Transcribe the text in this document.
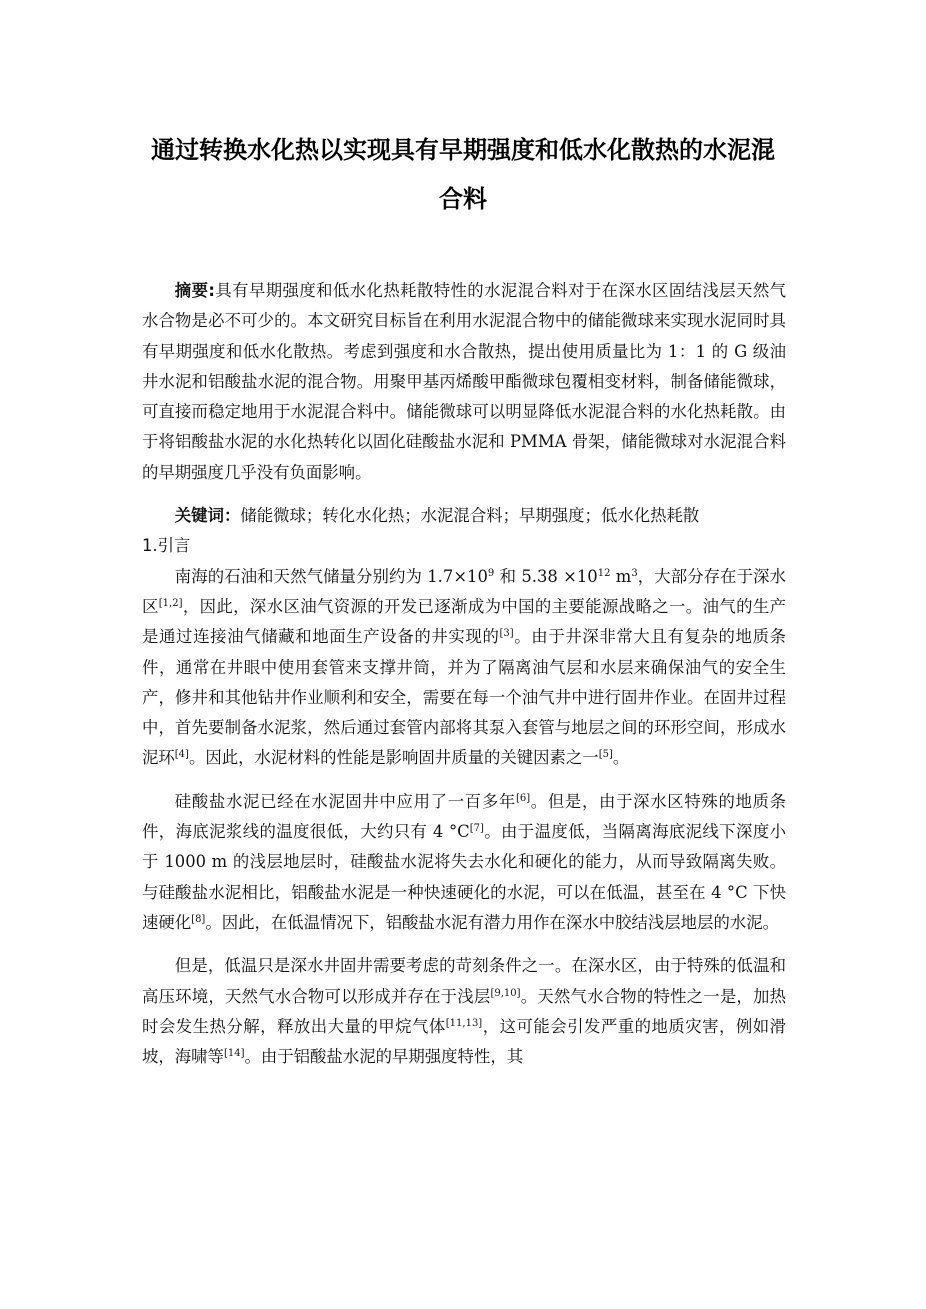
通过转换水化热以实现具有早期强度和低水化散热的水泥混合料

摘要:具有早期强度和低水化热耗散特性的水泥混合料对于在深水区固结浅层天然气水合物是必不可少的。本文研究目标旨在利用水泥混合物中的储能微球来实现水泥同时具有早期强度和低水化散热。考虑到强度和水合散热，提出使用质量比为 1：1 的 G 级油井水泥和铝酸盐水泥的混合物。用聚甲基丙烯酸甲酯微球包覆相变材料，制备储能微球，可直接而稳定地用于水泥混合料中。储能微球可以明显降低水泥混合料的水化热耗散。由于将铝酸盐水泥的水化热转化以固化硅酸盐水泥和 PMMA 骨架，储能微球对水泥混合料的早期强度几乎没有负面影响。

关键词：储能微球；转化水化热；水泥混合料；早期强度；低水化热耗散

1.引言

南海的石油和天然气储量分别约为 $1.7\times 10^9$ 和 $5.38 \times 10^{12}$ $m^3$，大部分存在于深水区[1,2]，因此，深水区油气资源的开发已逐渐成为中国的主要能源战略之一。油气的生产是通过连接油气储藏和地面生产设备的井实现的[3]。由于井深非常大且有复杂的地质条件，通常在井眼中使用套管来支撑井筒，并为了隔离油气层和水层来确保油气的安全生产，修井和其他钻井作业顺利和安全，需要在每一个油气井中进行固井作业。在固井过程中，首先要制备水泥浆，然后通过套管内部将其泵入套管与地层之间的环形空间，形成水泥环[4]。因此，水泥材料的性能是影响固井质量的关键因素之一[5]。

硅酸盐水泥已经在水泥固井中应用了一百多年[6]。但是，由于深水区特殊的地质条件，海底泥浆线的温度很低，大约只有 4 °C[7]。由于温度低，当隔离海底泥线下深度小于 1000 m 的浅层地层时，硅酸盐水泥将失去水化和硬化的能力，从而导致隔离失败。与硅酸盐水泥相比，铝酸盐水泥是一种快速硬化的水泥，可以在低温，甚至在 4 °C 下快速硬化[8]。因此，在低温情况下，铝酸盐水泥有潜力用作在深水中胶结浅层地层的水泥。

但是，低温只是深水井固井需要考虑的苛刻条件之一。在深水区，由于特殊的低温和高压环境，天然气水合物可以形成并存在于浅层[9,10]。天然气水合物的特性之一是，加热时会发生热分解，释放出大量的甲烷气体[11,13]，这可能会引发严重的地质灾害，例如滑坡，海啸等[14]。由于铝酸盐水泥的早期强度特性，其
